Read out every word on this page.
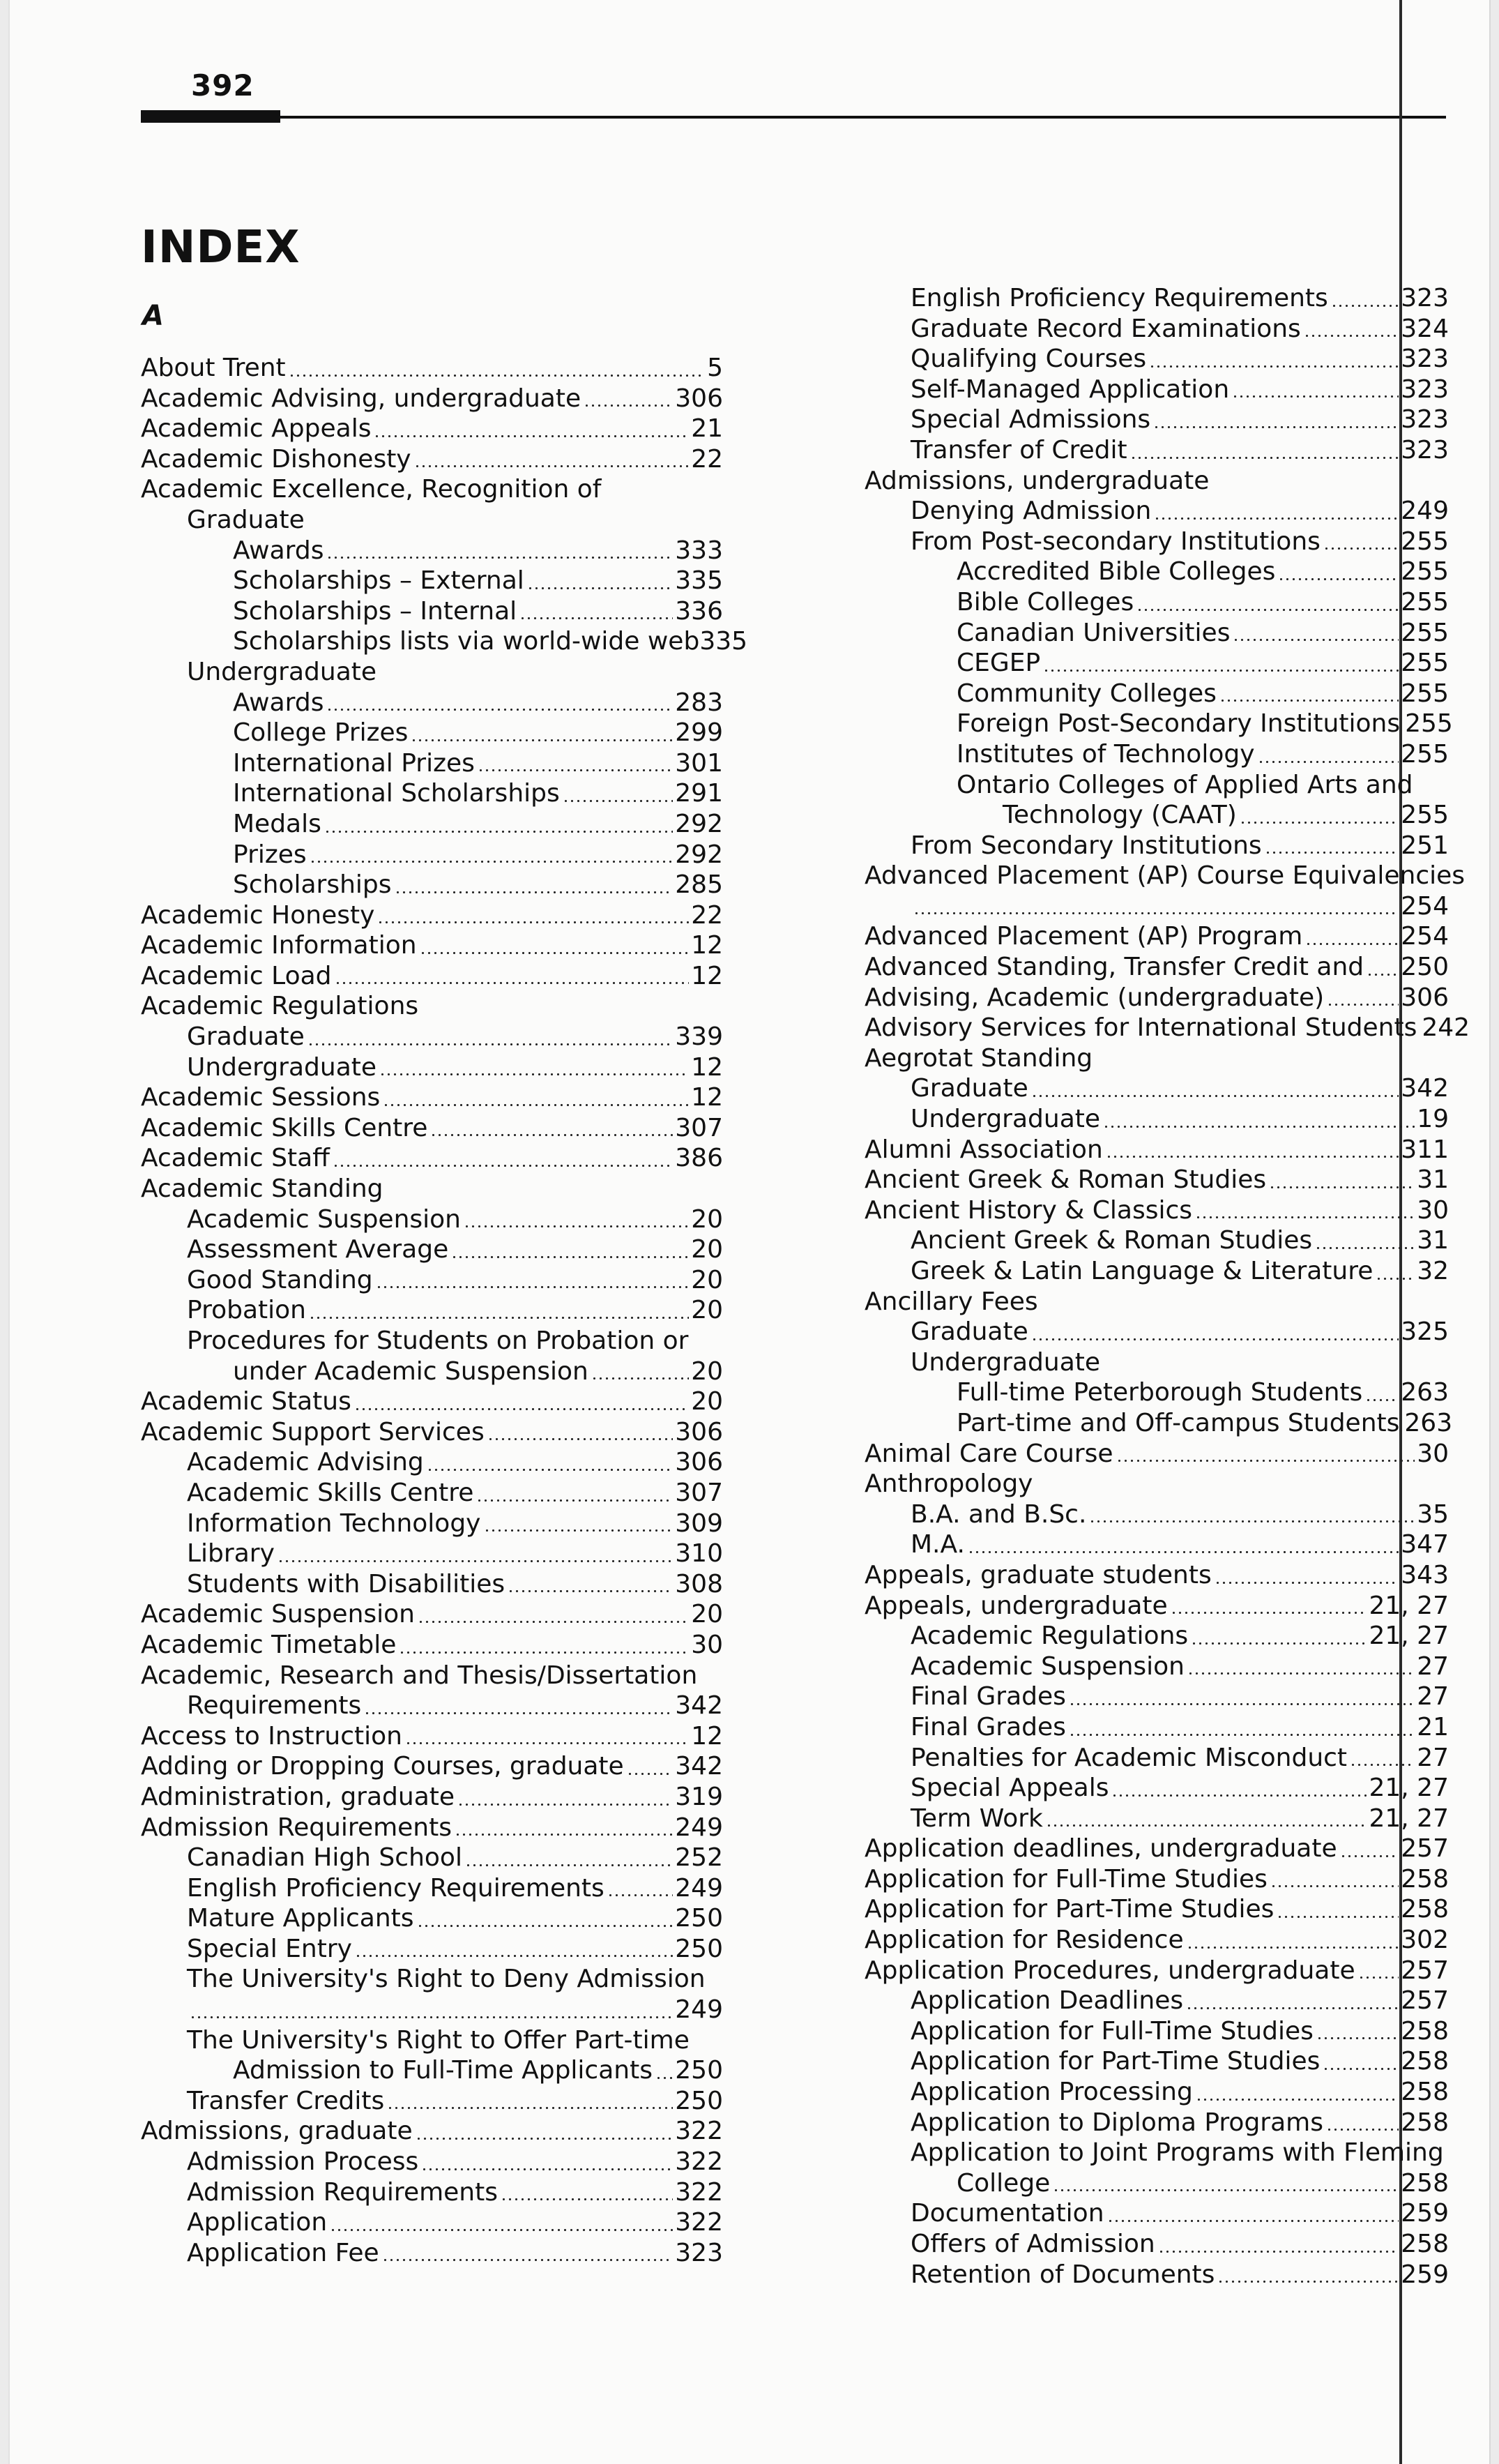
392
INDEX
A
About Trent	5
Academic Advising, undergraduate	306
Academic Appeals	21
Academic Dishonesty	22
Academic Excellence, Recognition of
Graduate
Awards	333
Scholarships – External	335
Scholarships – Internal	336
Scholarships lists via world-wide web 335
Undergraduate
Awards	283
College Prizes	299
International Prizes	301
International Scholarships	291
Medals	292
Prizes	292
Scholarships	285
Academic Honesty	22
Academic Information	12
Academic Load	12
Academic Regulations
Graduate	339
Undergraduate	12
Academic Sessions	12
Academic Skills Centre	307
Academic Staff	386
Academic Standing
Academic Suspension	20
Assessment Average	20
Good Standing	20
Probation	20
Procedures for Students on Probation or
under Academic Suspension	20
Academic Status	20
Academic Support Services	306
Academic Advising	306
Academic Skills Centre	307
Information Technology	309
Library	310
Students with Disabilities	308
Academic Suspension	20
Academic Timetable	30
Academic, Research and Thesis/Dissertation
Requirements	342
Access to Instruction	12
Adding or Dropping Courses, graduate 342
Administration, graduate	319
Admission Requirements	249
Canadian High School	252
English Proficiency Requirements	249
Mature Applicants	250
Special Entry	250
The University's Right to Deny Admission
249
The University's Right to Offer Part-time
Admission to Full-Time Applicants 250
Transfer Credits	250
Admissions, graduate	322
Admission Process	322
Admission Requirements	322
Application	322
Application Fee	323
English Proficiency Requirements	323
Graduate Record Examinations	324
Qualifying Courses	323
Self-Managed Application	323
Special Admissions	323
Transfer of Credit	323
Admissions, undergraduate
Denying Admission	249
From Post-secondary Institutions	255
Accredited Bible Colleges	255
Bible Colleges	255
Canadian Universities	255
CEGEP	255
Community Colleges	255
Foreign Post-Secondary Institutions 255
Institutes of Technology	255
Ontario Colleges of Applied Arts and
Technology (CAAT)	255
From Secondary Institutions	251
Advanced Placement (AP) Course Equivalencies
254
Advanced Placement (AP) Program	254
Advanced Standing, Transfer Credit and 250
Advising, Academic (undergraduate)	306
Advisory Services for International Students 242
Aegrotat Standing
Graduate	342
Undergraduate	19
Alumni Association	311
Ancient Greek & Roman Studies	31
Ancient History & Classics	30
Ancient Greek & Roman Studies	31
Greek & Latin Language & Literature 32
Ancillary Fees
Graduate	325
Undergraduate
Full-time Peterborough Students 263
Part-time and Off-campus Students 263
Animal Care Course	30
Anthropology
B.A. and B.Sc.	35
M.A.	347
Appeals, graduate students	343
Appeals, undergraduate	21, 27
Academic Regulations	21, 27
Academic Suspension	27
Final Grades	27
Final Grades	21
Penalties for Academic Misconduct	27
Special Appeals	21, 27
Term Work	21, 27
Application deadlines, undergraduate	257
Application for Full-Time Studies	258
Application for Part-Time Studies	258
Application for Residence	302
Application Procedures, undergraduate 257
Application Deadlines	257
Application for Full-Time Studies	258
Application for Part-Time Studies	258
Application Processing	258
Application to Diploma Programs	258
Application to Joint Programs with Fleming
College	258
Documentation	259
Offers of Admission	258
Retention of Documents	259
